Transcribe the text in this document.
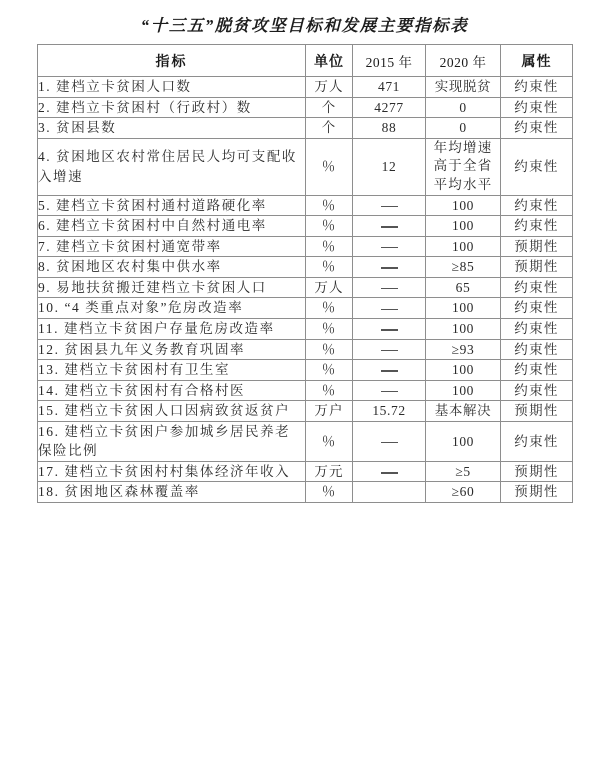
“十三五”脱贫攻坚目标和发展主要指标表
指标	单位	2015 年	2020 年	属性
1. 建档立卡贫困人口数	万人	471	实现脱贫	约束性
2. 建档立卡贫困村（行政村）数	个	4277	0	约束性
3. 贫困县数	个	88	0	约束性
4. 贫困地区农村常住居民人均可支配收入增速	％	12	年均增速
高于全省
平均水平	约束性
5. 建档立卡贫困村通村道路硬化率	％		100	约束性
6. 建档立卡贫困村中自然村通电率	％		100	约束性
7. 建档立卡贫困村通宽带率	％		100	预期性
8. 贫困地区农村集中供水率	％		≥85	预期性
9. 易地扶贫搬迁建档立卡贫困人口	万人		65	约束性
10. “4 类重点对象”危房改造率	％		100	约束性
11. 建档立卡贫困户存量危房改造率	％		100	约束性
12. 贫困县九年义务教育巩固率	％		≥93	约束性
13. 建档立卡贫困村有卫生室	％		100	约束性
14. 建档立卡贫困村有合格村医	％		100	约束性
15. 建档立卡贫困人口因病致贫返贫户	万户	15.72	基本解决	预期性
16. 建档立卡贫困户参加城乡居民养老保险比例	％		100	约束性
17. 建档立卡贫困村村集体经济年收入	万元		≥5	预期性
18. 贫困地区森林覆盖率	％		≥60	预期性
